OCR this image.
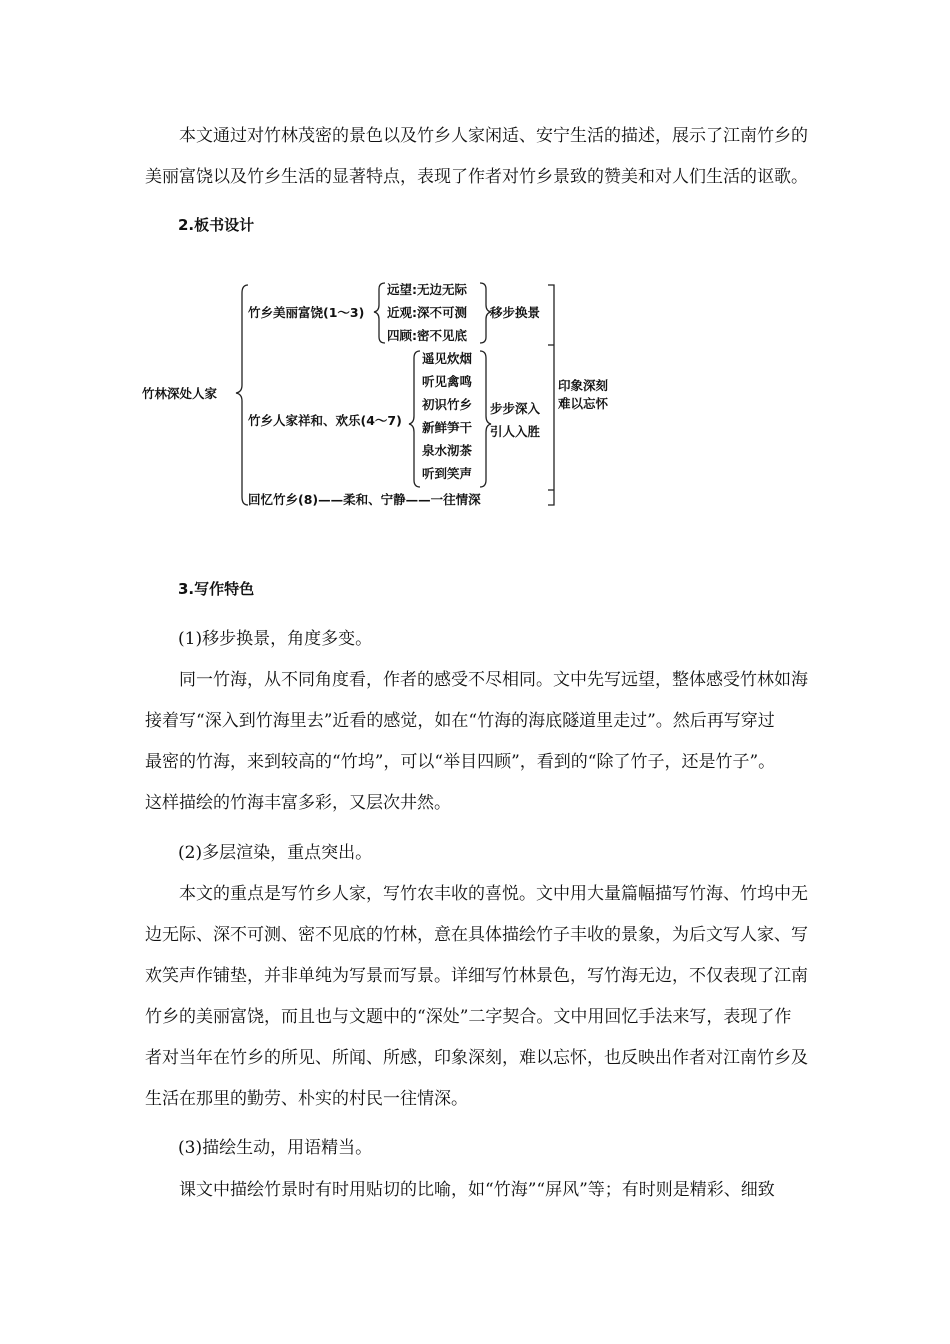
本文通过对竹林茂密的景色以及竹乡人家闲适、安宁生活的描述，展示了江南竹乡的
美丽富饶以及竹乡生活的显著特点，表现了作者对竹乡景致的赞美和对人们生活的讴歌。
2.板书设计
竹林深处人家
竹乡美丽富饶(1～3)
远望:无边无际
近观:深不可测
四顾:密不见底
移步换景
竹乡人家祥和、欢乐(4～7)
遥见炊烟
听见禽鸣
初识竹乡
新鲜笋干
泉水沏茶
听到笑声
步步深入
引人入胜
回忆竹乡(8)——柔和、宁静——一往情深
印象深刻
难以忘怀
3.写作特色
(1)移步换景，角度多变。
同一竹海，从不同角度看，作者的感受不尽相同。文中先写远望，整体感受竹林如海
接着写“深入到竹海里去”近看的感觉，如在“竹海的海底隧道里走过”。然后再写穿过
最密的竹海，来到较高的“竹坞”，可以“举目四顾”，看到的“除了竹子，还是竹子”。
这样描绘的竹海丰富多彩，又层次井然。
(2)多层渲染，重点突出。
本文的重点是写竹乡人家，写竹农丰收的喜悦。文中用大量篇幅描写竹海、竹坞中无
边无际、深不可测、密不见底的竹林，意在具体描绘竹子丰收的景象，为后文写人家、写
欢笑声作铺垫，并非单纯为写景而写景。详细写竹林景色，写竹海无边，不仅表现了江南
竹乡的美丽富饶，而且也与文题中的“深处”二字契合。文中用回忆手法来写，表现了作
者对当年在竹乡的所见、所闻、所感，印象深刻，难以忘怀，也反映出作者对江南竹乡及
生活在那里的勤劳、朴实的村民一往情深。
(3)描绘生动，用语精当。
课文中描绘竹景时有时用贴切的比喻，如“竹海”“屏风”等；有时则是精彩、细致
